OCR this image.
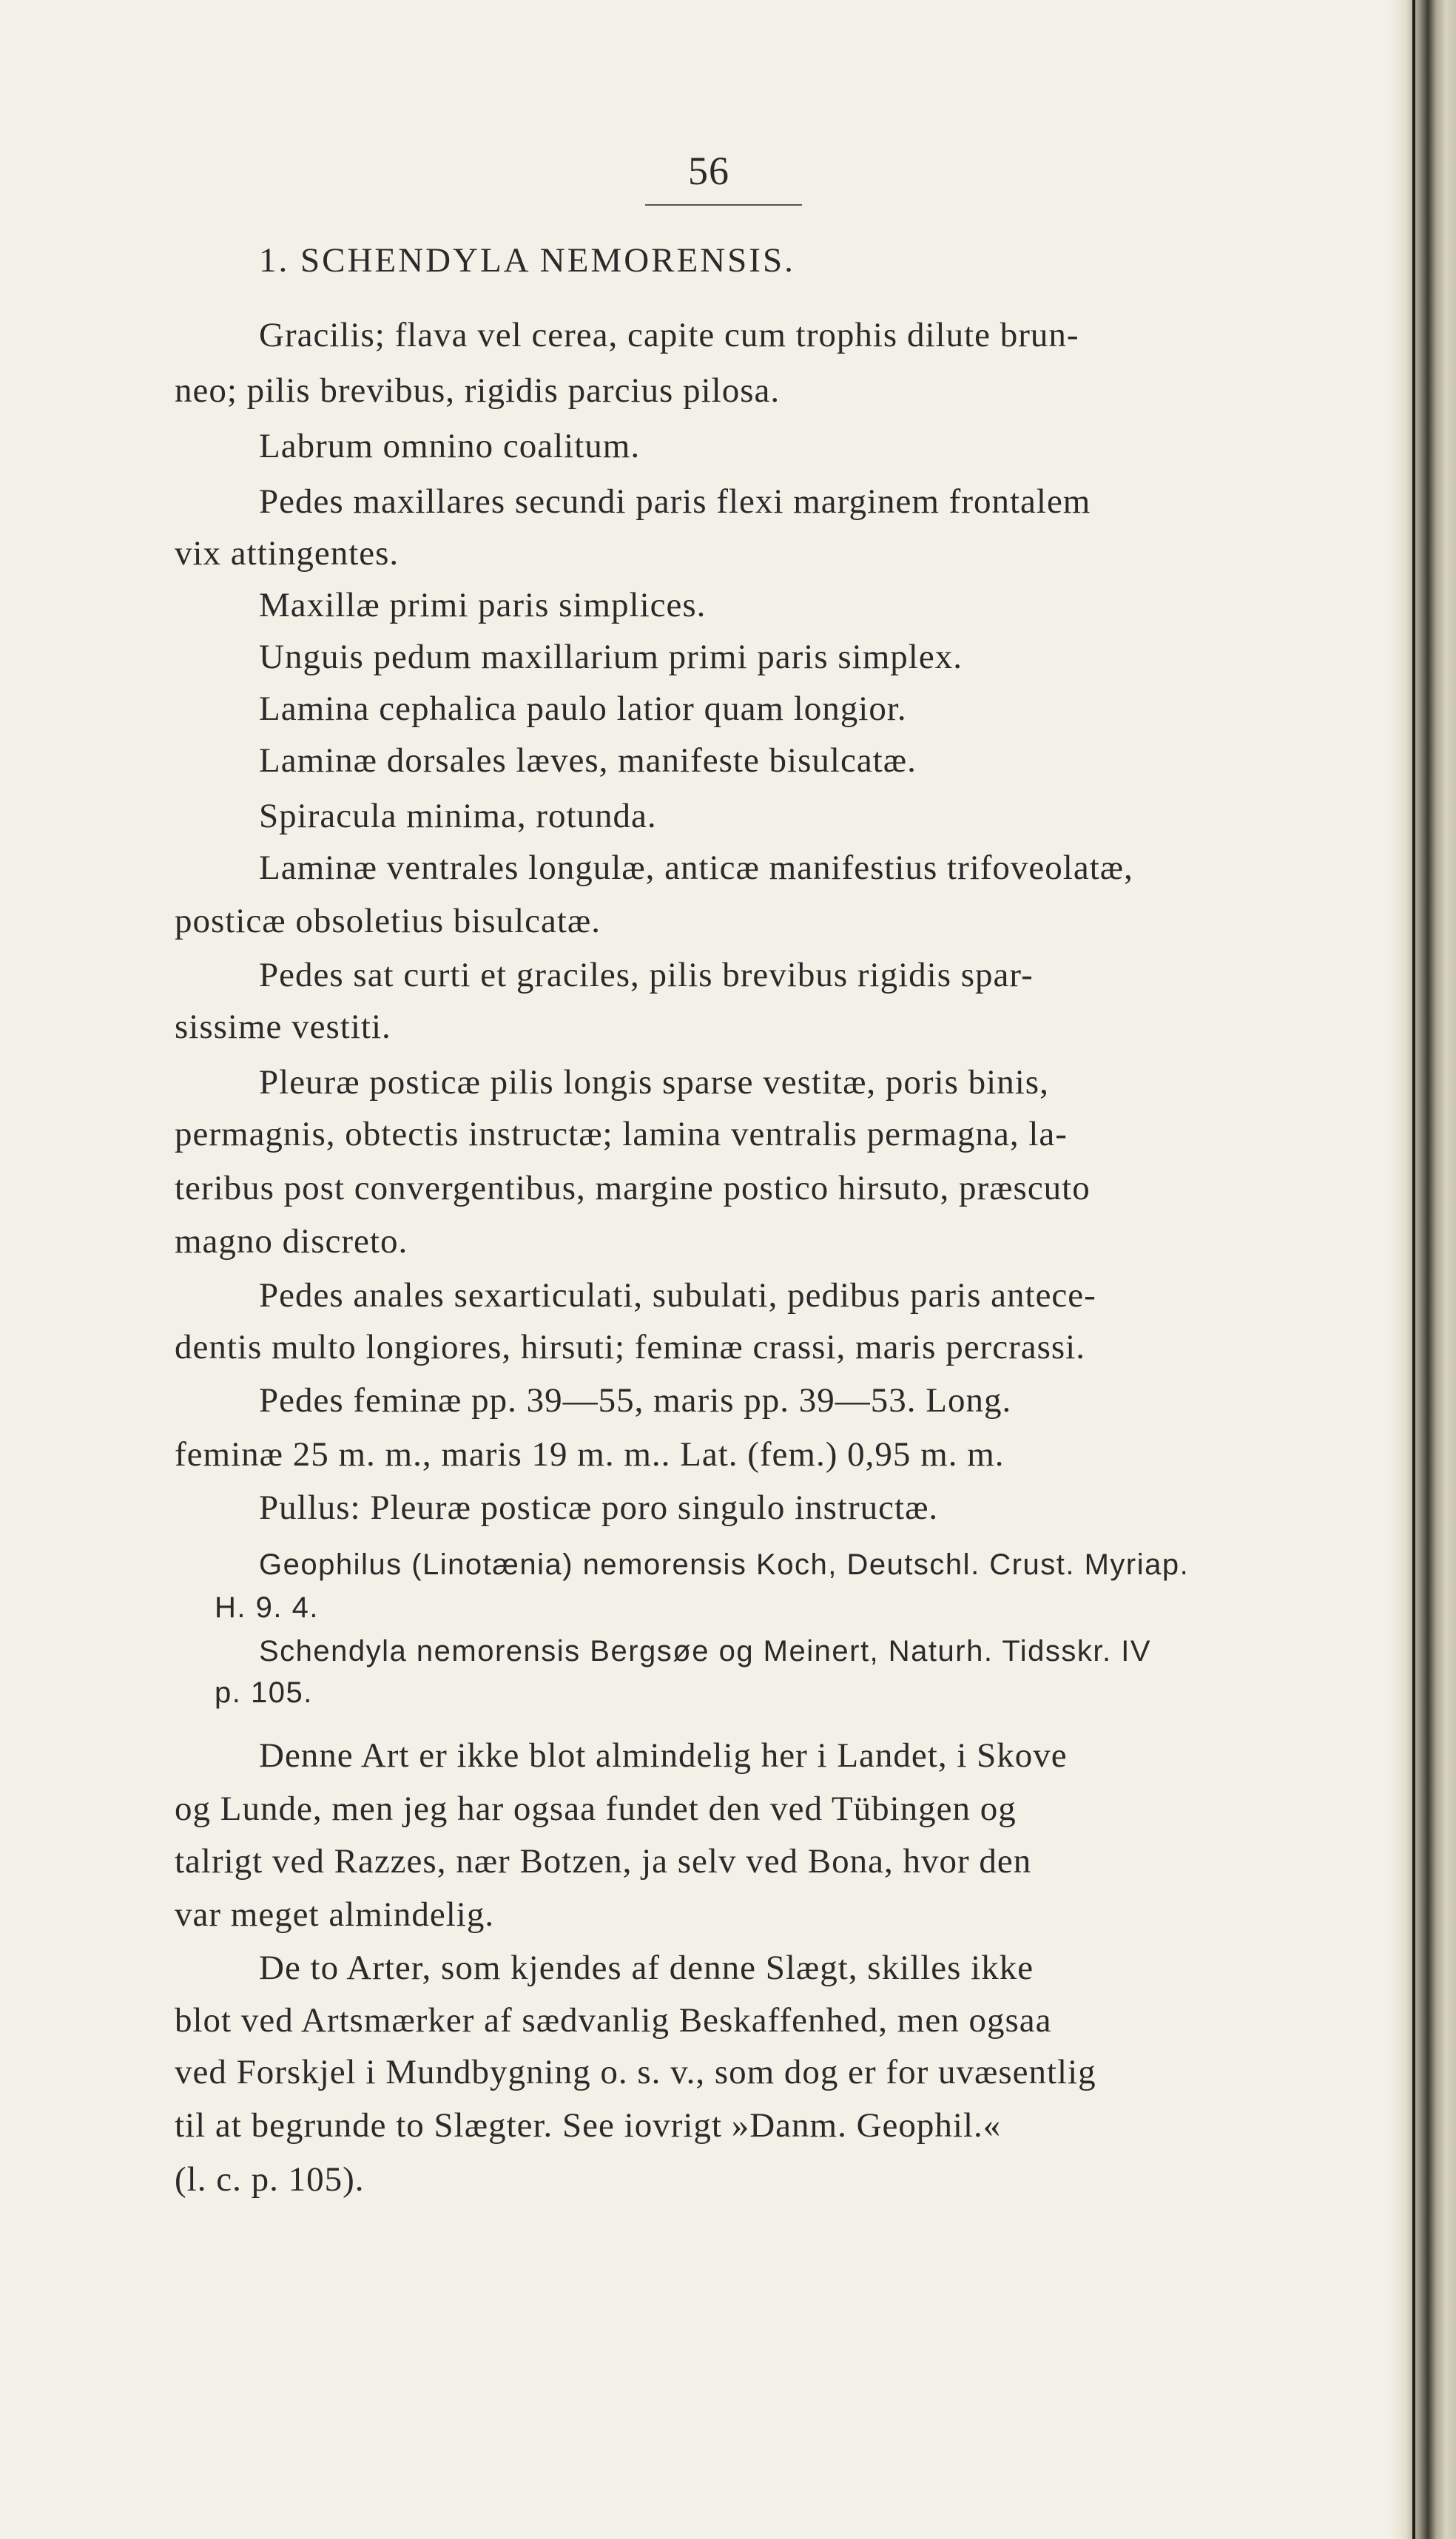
56
1. SCHENDYLA NEMORENSIS.
Gracilis; flava vel cerea, capite cum trophis dilute brun-
neo; pilis brevibus, rigidis parcius pilosa.
Labrum omnino coalitum.
Pedes maxillares secundi paris flexi marginem frontalem
vix attingentes.
Maxillæ primi paris simplices.
Unguis pedum maxillarium primi paris simplex.
Lamina cephalica paulo latior quam longior.
Laminæ dorsales læves, manifeste bisulcatæ.
Spiracula minima, rotunda.
Laminæ ventrales longulæ, anticæ manifestius trifoveolatæ,
posticæ obsoletius bisulcatæ.
Pedes sat curti et graciles, pilis brevibus rigidis spar-
sissime vestiti.
Pleuræ posticæ pilis longis sparse vestitæ, poris binis,
permagnis, obtectis instructæ; lamina ventralis permagna, la-
teribus post convergentibus, margine postico hirsuto, præscuto
magno discreto.
Pedes anales sexarticulati, subulati, pedibus paris antece-
dentis multo longiores, hirsuti; feminæ crassi, maris percrassi.
Pedes feminæ pp. 39—55, maris pp. 39—53. Long.
feminæ 25 m. m., maris 19 m. m.. Lat. (fem.) 0,95 m. m.
Pullus: Pleuræ posticæ poro singulo instructæ.
Geophilus (Linotænia) nemorensis Koch, Deutschl. Crust. Myriap.
H. 9. 4.
Schendyla nemorensis Bergsøe og Meinert, Naturh. Tidsskr. IV
p. 105.
Denne Art er ikke blot almindelig her i Landet, i Skove
og Lunde, men jeg har ogsaa fundet den ved Tübingen og
talrigt ved Razzes, nær Botzen, ja selv ved Bona, hvor den
var meget almindelig.
De to Arter, som kjendes af denne Slægt, skilles ikke
blot ved Artsmærker af sædvanlig Beskaffenhed, men ogsaa
ved Forskjel i Mundbygning o. s. v., som dog er for uvæsentlig
til at begrunde to Slægter. See iovrigt »Danm. Geophil.«
(l. c. p. 105).
